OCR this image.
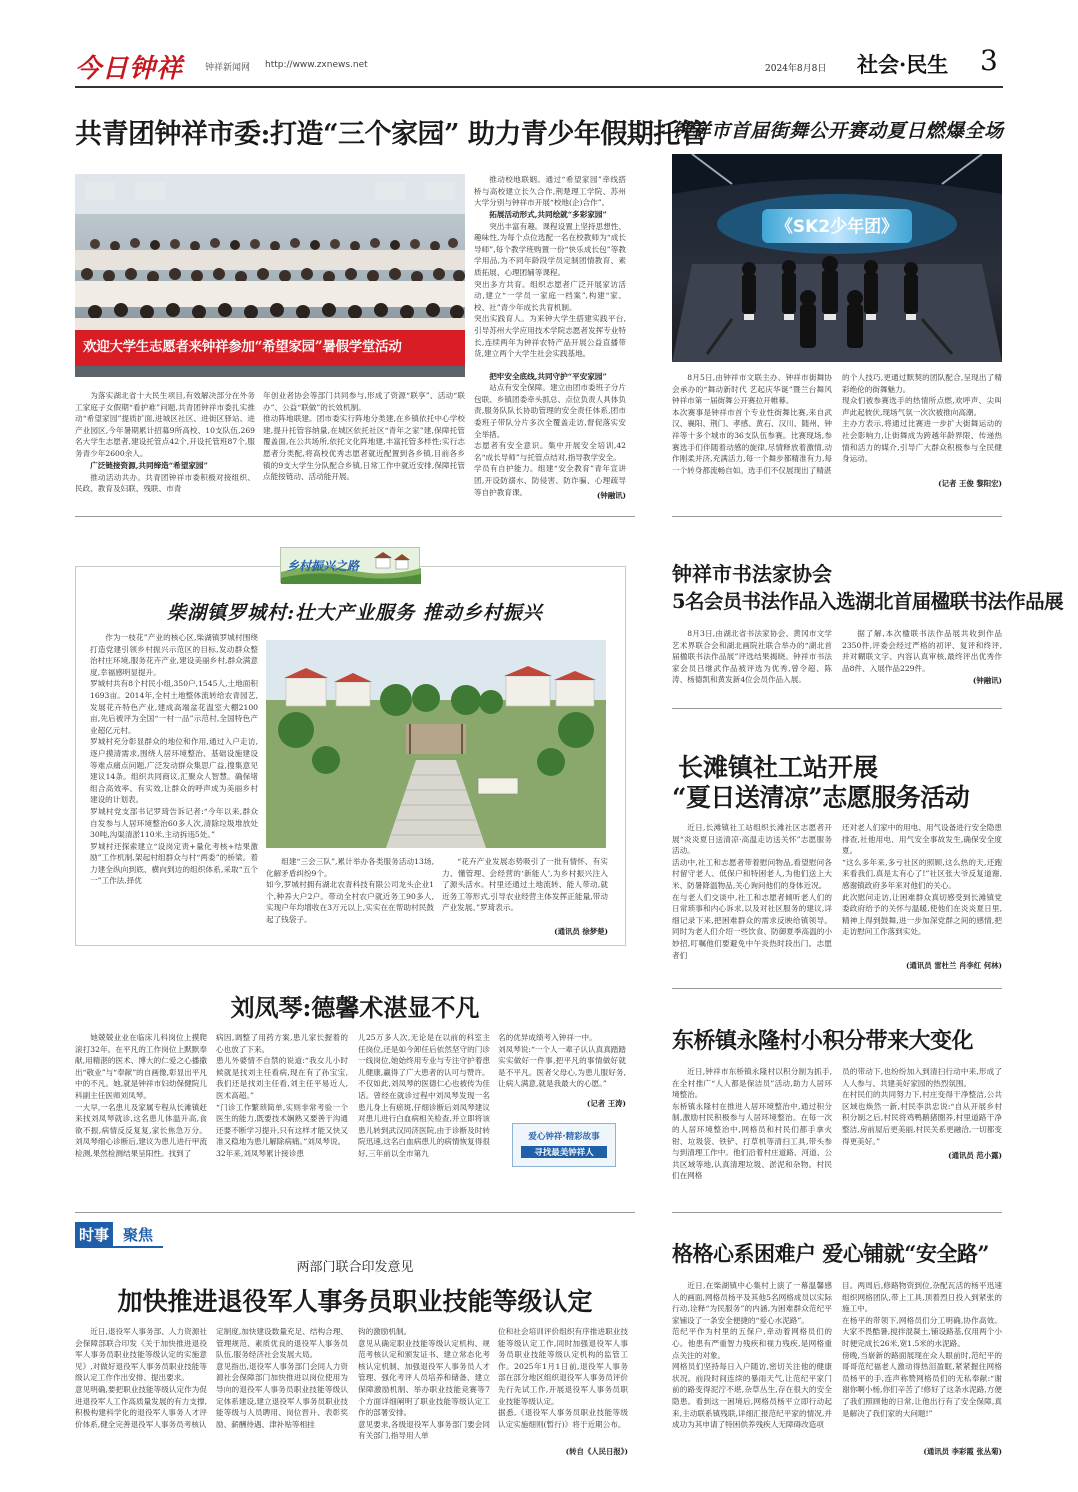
今日钟祥 钟祥新闻网 http://www.zxnews.net	2024年8月8日 社会·民生 3
共青团钟祥市委:打造“三个家园” 助力青少年假期托管
欢迎大学生志愿者来钟祥参加“希望家园”暑假学堂活动
推动校地联姻。通过“希望家园”牵线搭桥与高校建立长久合作,荆楚理工学院、苏州大学分别与钟祥市开展“校地(企)合作”。
拓展活动形式,共同绘就“多彩家园”
突出丰富有趣。课程设置上坚持思想性、趣味性,为每个点位选配一名在校教师为“成长导师”,每个教学班购置一份“快乐成长包”等教学用品,为不同年龄段学员定制团情教育、素质拓展、心理团辅等课程。
突出多方共育。组织志愿者广泛开展家访活动,建立“一学员一家庭一档案”,构建“家、校、社”青少年成长共育机制。
突出实践育人。为来钟大学生搭建实践平台,引导苏州大学应用技术学院志愿者发挥专业特长,连续两年为钟祥农特产品开展公益直播带货,建立两个大学生社会实践基地。
把牢安全底线,共同守护“平安家园”
站点有安全保障。建立由团市委班子分片包联、乡镇团委牵头抓总、点位负责人具体负责,服务队队长协助管理的安全责任体系,团市委班子带队分片多次全覆盖走访,督促落实安全举措。
志愿者有安全意识。集中开展安全培训,42名“成长导师”与托管点结对,指导教学安全。
学员有自护能力。组建“安全教育”青年宣讲团,开设防溺水、防侵害、防诈骗、心理疏导等自护教育课。	(钟融讯)
为落实湖北省十大民生项目,有效解决部分在外务工家庭子女假期“看护难”问题,共青团钟祥市委扎实推动“希望家园”提质扩面,进城区社区、进街区驿站、进产业园区,今年暑期累计招募9所高校、10支队伍,269名大学生志愿者,建设托管点42个,开设托管班87个,服务青少年2600余人。
广泛链接资源,共同缔造“希望家园”
推动活动共办。共青团钟祥市委积极对接组织、民政、教育及妇联、残联、市青
年创业者协会等部门共同参与,形成了资源“联享”、活动“联办”、公益“联做”的长效机制。
推动阵地联建。团市委实行阵地分类建,在乡镇依托中心学校建,提升托管容纳量,在城区依托社区“青年之家”建,保障托管覆盖面,在公共场所,依托文化阵地建,丰富托管多样性;实行志愿者分类配,将高校优秀志愿者就近配置到各乡镇,目前各乡镇的9支大学生分队配合乡镇,日常工作中就近安排,保障托管点能按链动、活动能开展。
钟祥市首届街舞公开赛动夏日燃爆全场
《SK2少年团》
8月5日,由钟祥市文联主办、钟祥市街舞协会承办的“舞动新时代 艺起庆华诞”暨兰台舞风钟祥市第一届街舞公开赛拉开帷幕。
本次赛事是钟祥市首个专业性街舞比赛,来自武汉、襄阳、荆门、孝感、黄石、汉川、随州、钟祥等十多个城市的36支队伍参赛。比赛现场,参赛选手们伴随着动感的旋律,尽情释放着激情,动作刚柔并济,充满活力,每一个舞步都精准有力,每一个转身都流畅自如。选手们不仅展现出了精湛
的个人技巧,更通过默契的团队配合,呈现出了精彩绝伦的街舞魅力。
现众们被参赛选手的热情所点燃,欢呼声、尖叫声此起彼伏,现场气氛一次次被推向高潮。
主办方表示,将通过比赛进一步扩大街舞运动的社会影响力,让街舞成为跨越年龄界限、传递热情和活力的媒介,引导广大群众积极参与全民健身运动。
(记者 王俊 黎阳宏)
乡村振兴之路
柴湖镇罗城村:壮大产业服务 推动乡村振兴
作为一枝花”产业的核心区,柴湖镇罗城村围绕打造党建引领乡村振兴示范区的目标,发动群众整治村庄环境,服务花卉产业,建设美丽乡村,群众满意度,幸福感明显提升。
罗城村共有8个村民小组,350户,1545人,土地面积1693亩。2014年,全村土地整体流转给农青园艺,发展花卉特色产业,建成高端盆花温室大棚2100亩,先后被评为全国“一村一品”示范村,全国特色产业超亿元村。
罗城村充分彰显群众的地位和作用,通过入户走访,逐户摸清需求,围绕人居环境整治、基础设施建设等难点痛点问题,广泛发动群众集思广益,搜集意见建议14条。组织共同商议,汇聚众人智慧。确保堵组合高效率、有实效,让群众的呼声成为美丽乡村建设的计划表。
罗城村党支部书记罗琦告诉记者:“今年以来,群众自发参与人居环境整治60多人次,清除垃圾堆放处30吨,沟渠清淤110米,主动拆违5处。”
罗城村还探索建立“设岗定责+量化考核+结果激励”工作机制,架起村组群众与村“两委”的桥梁。着力建全纵向到底、横向到边的组织体系,采取“五个一”工作法,择优
组建“三会三队”,累计举办各类服务活动13场,化解矛盾纠纷9个。
如今,罗城村拥有湖北农青科技有限公司龙头企业1个,种养大户2户。带动全村农户就近务工90多人,实现户年均增收在3万元以上,实实在在帮助村民鼓起了钱袋子。
“花卉产业发展态势吸引了一批有情怀、有实力、懂管理、会经营的‘新能人’,为乡村振兴注入了源头活水。村里还通过土地流转、能人带动,就近务工等形式,引导农业经营主体发挥正能量,带动产业发展。”罗琦表示。
(通讯员 徐梦楚)
钟祥市书法家协会
5名会员书法作品入选湖北首届楹联书法作品展
8月3日,由湖北省书法家协会、黄冈市文学艺术界联合会和湖北画院社联合举办的“湖北首届楹联书法作品展”评选结果揭晓。钟祥市书法家会员吕继武作品被评选为优秀,曾令超、陈涛、杨德凯和黄发新4位会员作品入展。
据了解,本次楹联书法作品展共收到作品2350件,评委会经过严格的初评、复评和终评,并对糊联文字、内容认真审核,最终评出优秀作品8件、入展作品229件。
(钟融讯)
长滩镇社工站开展
“夏日送清凉”志愿服务活动
近日,长滩镇社工站组织长滩社区志愿者开展“炎炎夏日送清凉·高温走访送关怀”志愿服务活动。
活动中,社工和志愿者带着慰问物品,看望慰问各村留守老人、低保户和特困老人,为他们送上大米、防暑降温物品,关心询问他们的身体近况。
在与老人们交谈中,社工和志愿者倾听老人们的日常琐事和内心诉求,以及对社区服务的建议,详细记录下来,把困难群众的需求反映给镇领导。同时为老人们介绍一些饮食、防御夏季高温的小妙招,叮嘱他们要避免中午炎热时段出门。志愿者们
还对老人们家中的用电、用气设备进行安全隐患排查,社他用电、用气安全事故发生,确保安全度夏。
“这么多年来,多亏社区的照顾,这么热的天,还跑来看我们,真是太有心了!”社区张大爷反复道谢,感谢镇政府多年来对他们的关心。
此次慰问走访,让困难群众真切感受到长滩镇党委政府给予的关怀与温暖,使他们在炎炎夏日里,精神上得到鼓舞,进一步加深党群之间的感情,把走访慰问工作落到实处。
(通讯员 雷杜兰 肖李红 何林)
刘凤琴:德馨术湛显不凡
她兢兢业业在临床儿科岗位上摸爬滚打32年。在平凡的工作岗位上默默奉献,用精湛的医术、博大的仁爱之心播撒出“敬业”与“奉献”的自画像,彰显出平凡中的不凡。她,就是钟祥市妇幼保健院儿科副主任医师刘凤琴。
一大早,一名患儿及家属专程从长滩镇赶来找刘凤琴就诊,这名患儿体温升高,食欲不振,病情反反复复,家长焦急万分。刘凤琴细心诊断后,建议为患儿进行甲流检测,果然检测结果呈阳性。找到了
病因,调整了用药方案,患儿家长握着的心也放了下来。
患儿外婆情不自禁的说道:“我女儿小时候就是找刘主任看病,现在有了孙宝宝,我们还是找刘主任看,刘主任平易近人,医术高超。”
“门诊工作繁琐简单,实则非常考验一个医生的能力,既要技术娴熟又要善于沟通还要不断学习提升,只有这样才能又快又准又稳地为患儿解除病痛。”刘凤琴说。
32年来,刘凤琴累计接诊患
儿25万多人次,无论是在以前的科室主任岗位,还是如今卸任后依然坚守的门诊一线岗位,她始终用专业与专注守护着患儿健康,赢得了广大患者的认可与赞许。
不仅如此,刘凤琴的医德仁心也被传为佳话。曾经在就诊过程中刘凤琴发现一名患儿身上有瘀斑,仔细诊断后刘凤琴建议对患儿进行白血病相关检查,并立即将该患儿转到武汉同济医院,由于诊断及时转院迅速,这名白血病患儿的病情恢复得很好,三年前以全市第九
名的优异成绩考入钟祥一中。
刘凤琴说:“一个人一辈子认认真真踏踏实实做好一件事,把平凡的事情做好就是不平凡。医者父母心,为患儿服好务,让病人满意,就是我最大的心愿。”
(记者 王涛)
爱心钟祥·精彩故事
寻找最美钟祥人
东桥镇永隆村小积分带来大变化
近日,钟祥市东桥镇永隆村以积分制为抓手,在全村推广“人人都是保洁员”活动,助力人居环境整治。
东桥镇永隆村在推进人居环境整治中,通过积分制,激励村民积极参与人居环境整治。在每一次的人居环境整治中,网格员和村民们都手拿火钳、垃圾袋、铁铲、打草机等清扫工具,带头参与到清理工作中。他们沿着村庄道路、河道、公共区域等地,认真清理垃圾、淤泥和杂物。村民们在网格
员的带动下,也纷纷加入到清扫行动中来,形成了人人参与、共建美好家园的热烈氛围。
在村民们的共同努力下,村庄变得干净整洁,公共区域也焕然一新,村民李洪忠说:“自从开展乡村积分制之后,村民将鸡鸭鹅猪圈养,村里道路干净整洁,房前屋后更美丽,村民关系更融洽,一切都变得更美好。”
(通讯员 范小露)
时事 聚焦
两部门联合印发意见
加快推进退役军人事务员职业技能等级认定
近日,退役军人事务部、人力资源社会保障部联合印发《关于加快推进退役军人事务员职业技能等级认定的实施意见》,对做好退役军人事务员职业技能等级认定工作作出安排、提出要求。
意见明确,要把职业技能等级认定作为促进退役军人工作高质量发展的有力支撑,积极构建科学化的退役军人事务人才评价体系,健全完善退役军人事务员考核认
定制度,加快建设数量充足、结构合理、管理规范、素质优良的退役军人事务员队伍,服务经济社会发展大局。
意见指出,退役军人事务部门会同人力资源社会保障部门加快推进以岗位使用为导向的退役军人事务员职业技能等级认定体系建设,建立退役军人事务员职业技能等级与人员聘用、岗位晋升、表彰奖励、薪酬待遇、津补贴等相挂
钩的激励机制。
意见从确定职业技能等级认定机构、规范考核认定和颁发证书、建立常态化考核认定机制、加强退役军人事务员人才管理、强化考评人员培养和储备、建立保障激励机制、举办职业技能竞赛等7个方面详细阐明了职业技能等级认定工作的部署安排。
意见要求,各级退役军人事务部门要会同有关部门,指导用人单
位和社会培训评价组织有序推进职业技能等级认定工作,同时加强退役军人事务员职业技能等级认定机构的监管工作。2025年1月1日前,退役军人事务部在部分地区组织退役军人事务员评价先行先试工作,开展退役军人事务员职业技能等级认定。
据悉,《退役军人事务员职业技能等级认定实施细则(暂行)》将于近期公布。
(转自《人民日报》)
格格心系困难户 爱心铺就“安全路”
近日,在柴湖镇中心集村上演了一幕温馨感人的画面,网格员杨平及其他5名网格成员以实际行动,诠释“为民服务”的内涵,为困难群众范纪平家铺设了一条安全便捷的“爱心水泥路”。
范纪平作为村里的五保户,牵动着网格员们的心。他患有严重智力残疾和视力残疾,是网格重点关注的对象。
网格员们坚持每日入户随访,密切关注他的健康状况。前段时间连续的暴雨天气,让范纪平家门前的路变得泥泞不堪,杂草丛生,存在很大的安全隐患。看到这一困境后,网格员杨平立即行动起来,主动联系镇残联,详细汇报范纪平家的情况,并成功为其申请了特困供养残疾人无障碍改造项
目。两周后,修路物资到位,杂配瓦活的杨平迅速组织网格团队,带上工具,顶着烈日投入到紧张的施工中。
在杨平的带领下,网格员们分工明确,协作高效。大家不畏酷暑,搅拌混凝土,铺设路基,仅用两个小时便完成长26米,宽1.5米的水泥路。
傍晚,当崭新的路面展现在众人眼前时,范纪平的哥哥范纪福老人激动得热泪盈眶,紧紧握住网格员杨平的手,连声称赞网格员们的无私奉献:“谢谢你啊小杨,你们辛苦了!修好了这条水泥路,方便了我们照顾他的日常,让他出行有了安全保障,真是解决了我们家的大问题!”
(通讯员 李彩霞 张丛菊)
